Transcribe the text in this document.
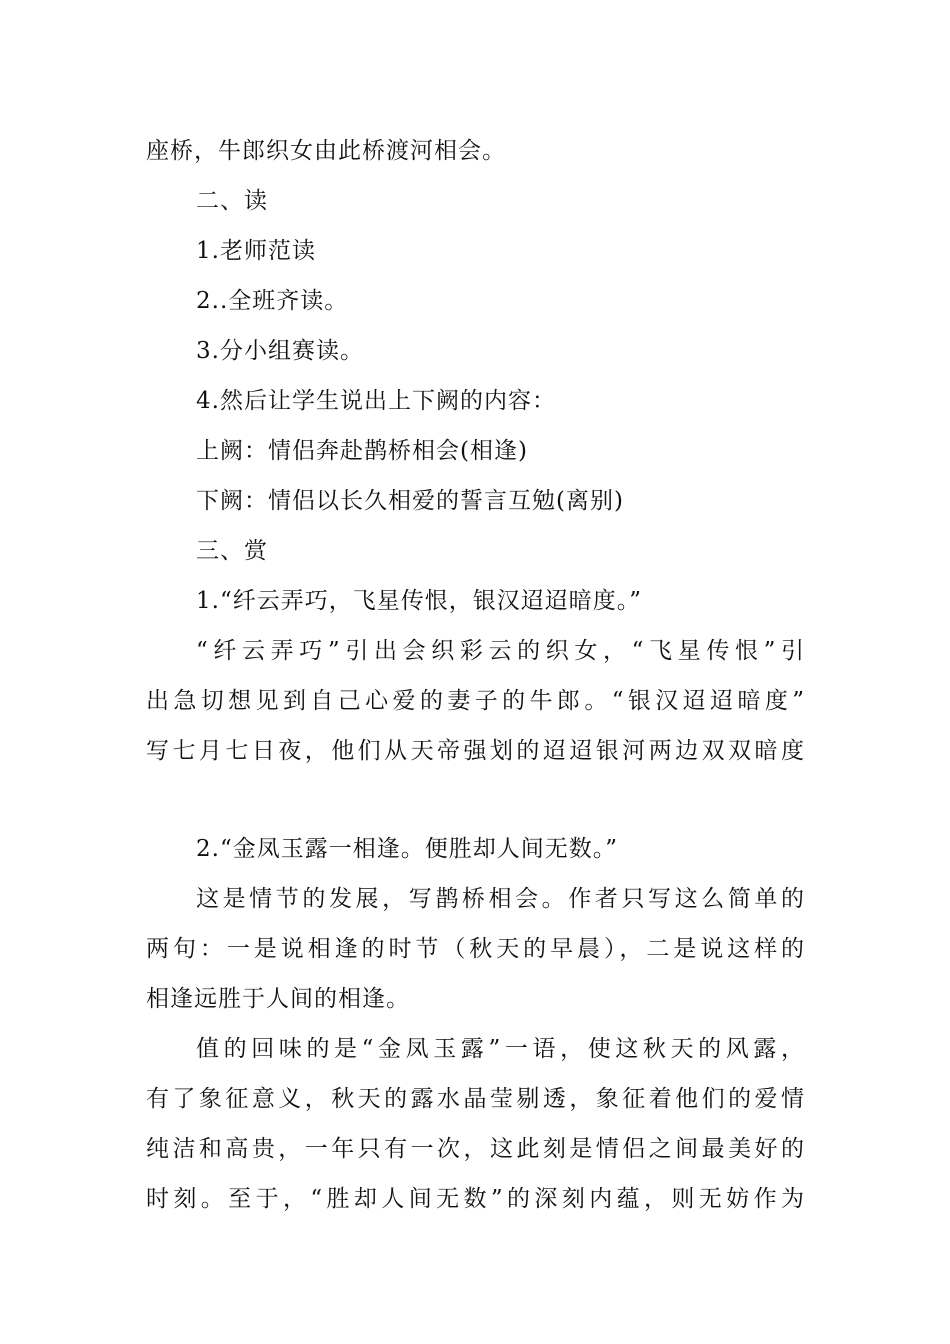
座桥，牛郎织女由此桥渡河相会。
二、读
1.老师范读
2..全班齐读。
3.分小组赛读。
4.然后让学生说出上下阙的内容：
上阙：情侣奔赴鹊桥相会(相逢)
下阙：情侣以长久相爱的誓言互勉(离别)
三、赏
1.“纤云弄巧，飞星传恨，银汉迢迢暗度。”
“纤云弄巧”引出会织彩云的织女，“飞星传恨”引
出急切想见到自己心爱的妻子的牛郎。“银汉迢迢暗度”
写七月七日夜，他们从天帝强划的迢迢银河两边双双暗度
2.“金凤玉露一相逢。便胜却人间无数。”
这是情节的发展，写鹊桥相会。作者只写这么简单的
两句：一是说相逢的时节（秋天的早晨），二是说这样的
相逢远胜于人间的相逢。
值的回味的是“金凤玉露”一语，使这秋天的风露，
有了象征意义，秋天的露水晶莹剔透，象征着他们的爱情
纯洁和高贵，一年只有一次，这此刻是情侣之间最美好的
时刻。至于，“胜却人间无数”的深刻内蕴，则无妨作为
